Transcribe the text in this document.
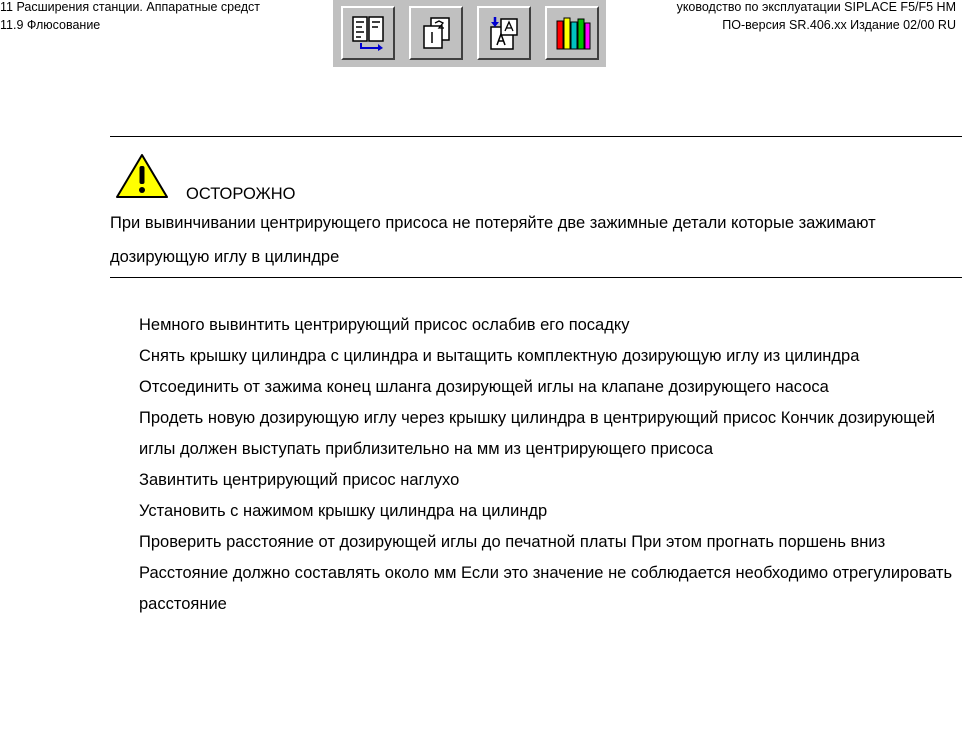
11 Расширения станции. Аппаратные средст
11.9 Флюсование
уководство по эксплуатации SIPLACE F5/F5 HM
ПО-версия SR.406.xx Издание 02/00 RU
ОСТОРОЖНО

При вывинчивании центрирующего присоса не потеряйте две зажимные детали которые зажимают дозирующую иглу в цилиндре

Немного вывинтить центрирующий присос ослабив его посадку
Снять крышку цилиндра с цилиндра и вытащить комплектную дозирующую иглу из цилиндра
Отсоединить от зажима конец шланга дозирующей иглы на клапане дозирующего насоса
Продеть новую дозирующую иглу через крышку цилиндра в центрирующий присос Кончик дозирующей иглы должен выступать приблизительно на мм из центрирующего присоса
Завинтить центрирующий присос наглухо
Установить с нажимом крышку цилиндра на цилиндр
Проверить расстояние от дозирующей иглы до печатной платы При этом прогнать поршень вниз Расстояние должно составлять около мм Если это значение не соблюдается необходимо отрегулировать расстояние
